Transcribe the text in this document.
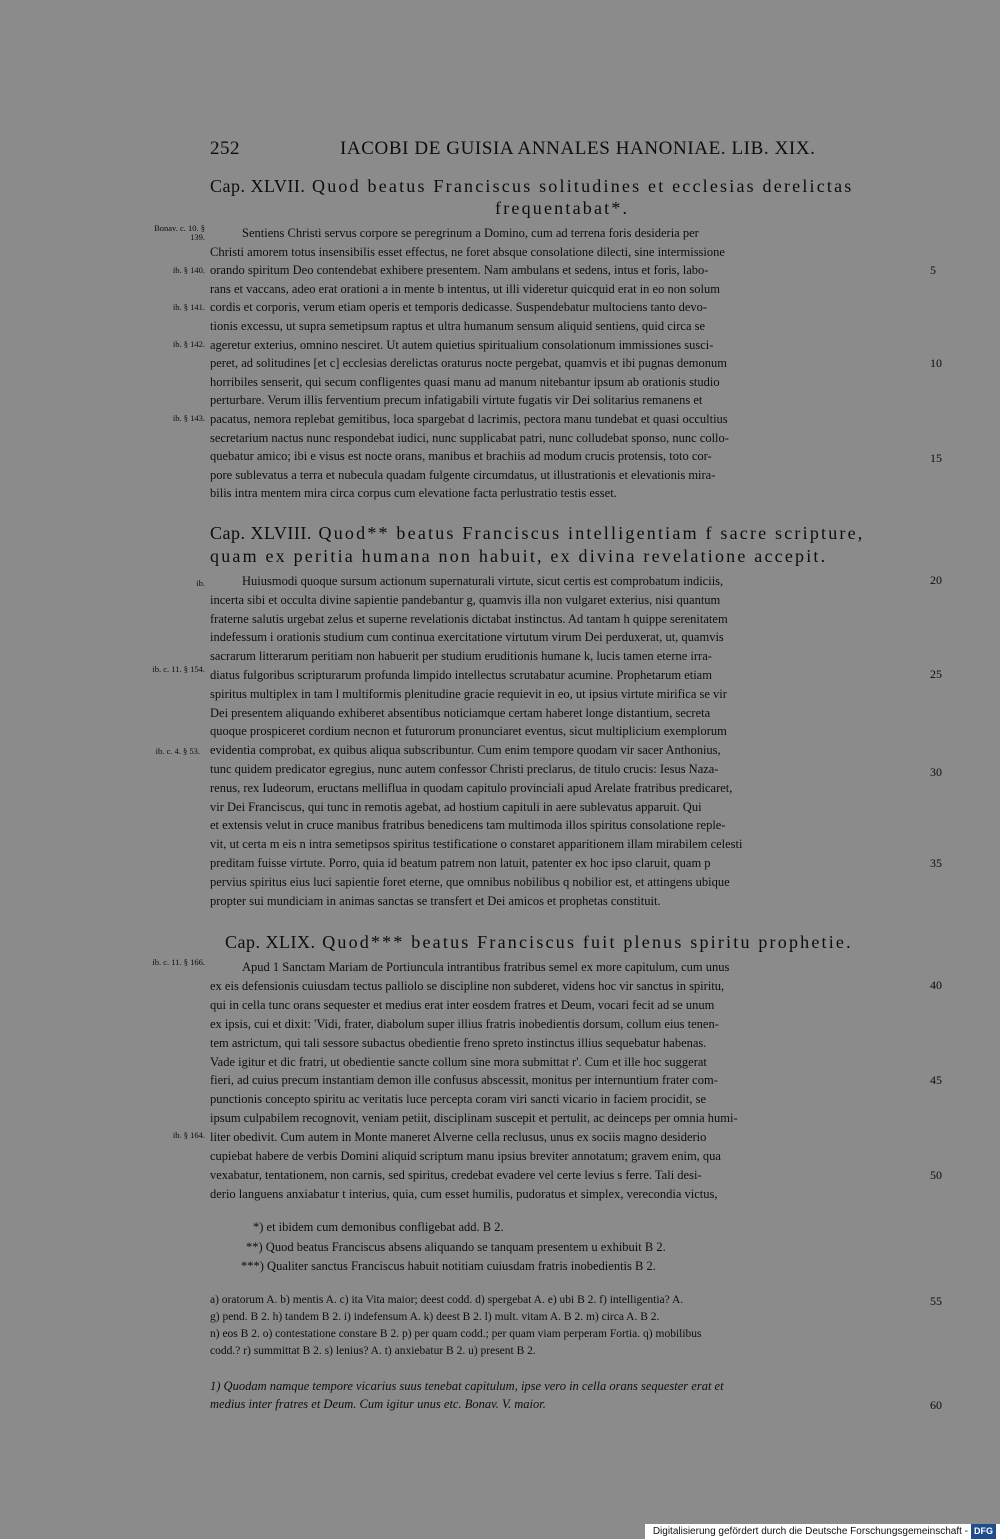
252	IACOBI DE GUISIA ANNALES HANONIAE. LIB. XIX.
Cap. XLVII. Quod beatus Franciscus solitudines et ecclesias derelictas
frequentabat*.
Sentiens Christi servus corpore se peregrinum a Domino, cum ad terrena foris desideria per
Christi amorem totus insensibilis esset effectus, ne foret absque consolatione dilecti, sine intermissione
orando spiritum Deo contendebat exhibere presentem. Nam ambulans et sedens, intus et foris, labo-
rans et vaccans, adeo erat orationi a in mente b intentus, ut illi videretur quicquid erat in eo non solum
cordis et corporis, verum etiam operis et temporis dedicasse. Suspendebatur multociens tanto devo-
tionis excessu, ut supra semetipsum raptus et ultra humanum sensum aliquid sentiens, quid circa se
ageretur exterius, omnino nesciret. Ut autem quietius spiritualium consolationum immissiones susci-
peret, ad solitudines [et c] ecclesias derelictas oraturus nocte pergebat, quamvis et ibi pugnas demonum
horribiles senserit, qui secum confligentes quasi manu ad manum nitebantur ipsum ab orationis studio
perturbare. Verum illis ferventium precum infatigabili virtute fugatis vir Dei solitarius remanens et
pacatus, nemora replebat gemitibus, loca spargebat d lacrimis, pectora manu tundebat et quasi occultius
secretarium nactus nunc respondebat iudici, nunc supplicabat patri, nunc colludebat sponso, nunc collo-
quebatur amico; ibi e visus est nocte orans, manibus et brachiis ad modum crucis protensis, toto cor-
pore sublevatus a terra et nubecula quadam fulgente circumdatus, ut illustrationis et elevationis mira-
bilis intra mentem mira circa corpus cum elevatione facta perlustratio testis esset.
Cap. XLVIII. Quod** beatus Franciscus intelligentiam f sacre scripture,
quam ex peritia humana non habuit, ex divina revelatione accepit.
Huiusmodi quoque sursum actionum supernaturali virtute, sicut certis est comprobatum indiciis,
incerta sibi et occulta divine sapientie pandebantur g, quamvis illa non vulgaret exterius, nisi quantum
fraterne salutis urgebat zelus et superne revelationis dictabat instinctus. Ad tantam h quippe serenitatem
indefessum i orationis studium cum continua exercitatione virtutum virum Dei perduxerat, ut, quamvis
sacrarum litterarum peritiam non habuerit per studium eruditionis humane k, lucis tamen eterne irra-
diatus fulgoribus scripturarum profunda limpido intellectus scrutabatur acumine. Prophetarum etiam
spiritus multiplex in tam l multiformis plenitudine gracie requievit in eo, ut ipsius virtute mirifica se vir
Dei presentem aliquando exhiberet absentibus noticiamque certam haberet longe distantium, secreta
quoque prospiceret cordium necnon et futurorum pronunciaret eventus, sicut multiplicium exemplorum
evidentia comprobat, ex quibus aliqua subscribuntur. Cum enim tempore quodam vir sacer Anthonius,
tunc quidem predicator egregius, nunc autem confessor Christi preclarus, de titulo crucis: Iesus Naza-
renus, rex Iudeorum, eructans melliflua in quodam capitulo provinciali apud Arelate fratribus predicaret,
vir Dei Franciscus, qui tunc in remotis agebat, ad hostium capituli in aere sublevatus apparuit. Qui
et extensis velut in cruce manibus fratribus benedicens tam multimoda illos spiritus consolatione reple-
vit, ut certa m eis n intra semetipsos spiritus testificatione o constaret apparitionem illam mirabilem celesti
preditam fuisse virtute. Porro, quia id beatum patrem non latuit, patenter ex hoc ipso claruit, quam p
pervius spiritus eius luci sapientie foret eterne, que omnibus nobilibus q nobilior est, et attingens ubique
propter sui mundiciam in animas sanctas se transfert et Dei amicos et prophetas constituit.
Cap. XLIX. Quod*** beatus Franciscus fuit plenus spiritu prophetie.
Apud 1 Sanctam Mariam de Portiuncula intrantibus fratribus semel ex more capitulum, cum unus
ex eis defensionis cuiusdam tectus palliolo se disciplinе non subderet, videns hoc vir sanctus in spiritu,
qui in cella tunc orans sequester et medius erat inter eosdem fratres et Deum, vocari fecit ad se unum
ex ipsis, cui et dixit: 'Vidi, frater, diabolum super illius fratris inobedientis dorsum, collum eius tenen-
tem astrictum, qui tali sessore subactus obedientie freno spreto instinctus illius sequebatur habenas.
Vade igitur et dic fratri, ut obedientie sancte collum sine mora submittat r'. Cum et ille hoc suggerat
fieri, ad cuius precum instantiam demon ille confusus abscessit, monitus per internuntium frater com-
punctionis concepto spiritu ac veritatis luce percepta coram viri sancti vicario in faciem procidit, se
ipsum culpabilem recognovit, veniam petiit, disciplinam suscepit et pertulit, ac deinceps per omnia humi-
liter obedivit. Cum autem in Monte maneret Alverne cella reclusus, unus ex sociis magno desiderio
cupiebat habere de verbis Domini aliquid scriptum manu ipsius breviter annotatum; gravem enim, qua
vexabatur, tentationem, non carnis, sed spiritus, credebat evadere vel certe levius s ferre. Tali desi-
derio languens anxiabatur t interius, quia, cum esset humilis, pudoratus et simplex, verecondia victus,
Bonav. c. 10. § 139.
ib. § 140.
ib. § 141.
ib. § 142.
ib. § 143.
ib.
ib. c. 11. § 154.
ib. c. 4. § 53.
ib. c. 11. § 166.
ib. § 164.
5
10
15
20
25
30
35
40
45
50
55
60
*) et ibidem cum demonibus confligebat add. B 2.
**) Quod beatus Franciscus absens aliquando se tanquam presentem u exhibuit B 2.
***) Qualiter sanctus Franciscus habuit notitiam cuiusdam fratris inobedientis B 2.
a) oratorum A. b) mentis A. c) ita Vita maior; deest codd. d) spergebat A. e) ubi B 2. f) intelligentia? A.
g) pend. B 2. h) tandem B 2. i) indefensum A. k) deest B 2. l) mult. vitam A. B 2. m) circa A. B 2.
n) eos B 2. o) contestatione constare B 2. p) per quam codd.; per quam viam perperam Fortia. q) mobilibus
codd.? r) summittat B 2. s) lenius? A. t) anxiebatur B 2. u) present B 2.
1) Quodam namque tempore vicarius suus tenebat capitulum, ipse vero in cella orans sequester erat et
medius inter fratres et Deum. Cum igitur unus etc. Bonav. V. maior.
Digitalisierung gefördert durch die Deutsche Forschungsgemeinschaft - DFG
